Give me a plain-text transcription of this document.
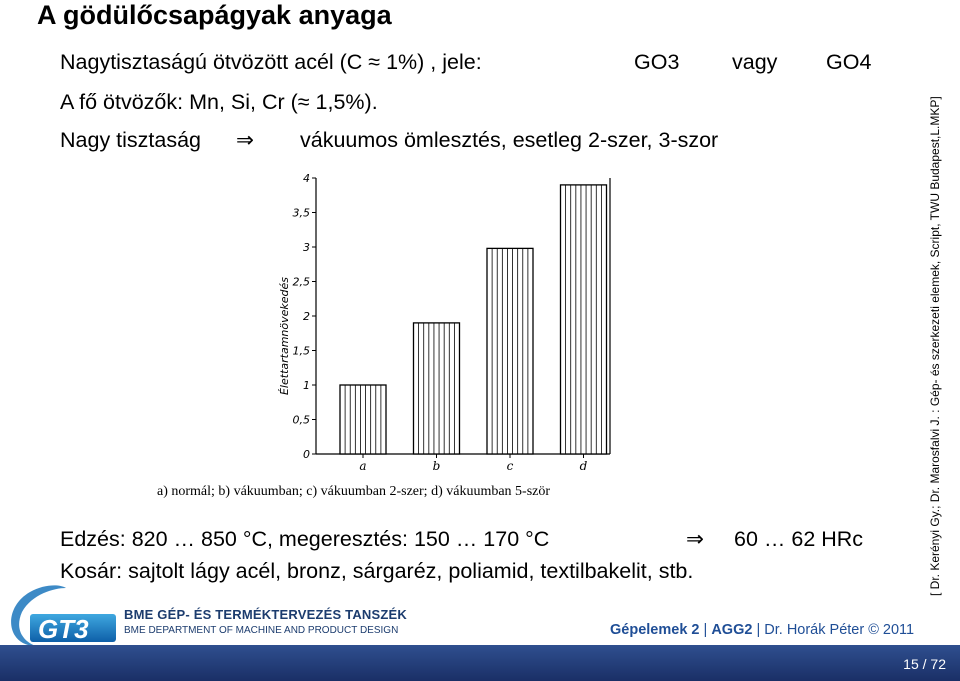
A gödülőcsapágyak anyaga
Nagytisztaságú ötvözött acél (C ≈ 1%) , jele:	GO3 vagy GO4
A fő ötvözők: Mn, Si, Cr (≈ 1,5%).
Nagy tisztaság ⇒ vákuumos ömlesztés, esetleg 2-szer, 3-szor
0
0,5
1
1,5
2
2,5
3
3,5
4
Élettartamnövekedés
a	b	c	d
a) normál; b) vákuumban; c) vákuumban 2-szer; d) vákuumban 5-ször
Edzés: 820 … 850 °C, megeresztés: 150 … 170 °C	⇒ 60 … 62 HRc
Kosár: sajtolt lágy acél, bronz, sárgaréz, poliamid, textilbakelit, stb.	[ Dr. Kerényi Gy.; Dr. Marosfalvi J. : Gép- és szerkezeti elemek, Script, TWU Budapest,L.MKP]
GT3	BME GÉP- ÉS TERMÉKTERVEZÉS TANSZÉK
BME DEPARTMENT OF MACHINE AND PRODUCT DESIGN	Gépelemek 2 | AGG2 | Dr. Horák Péter © 2011
15 / 72
